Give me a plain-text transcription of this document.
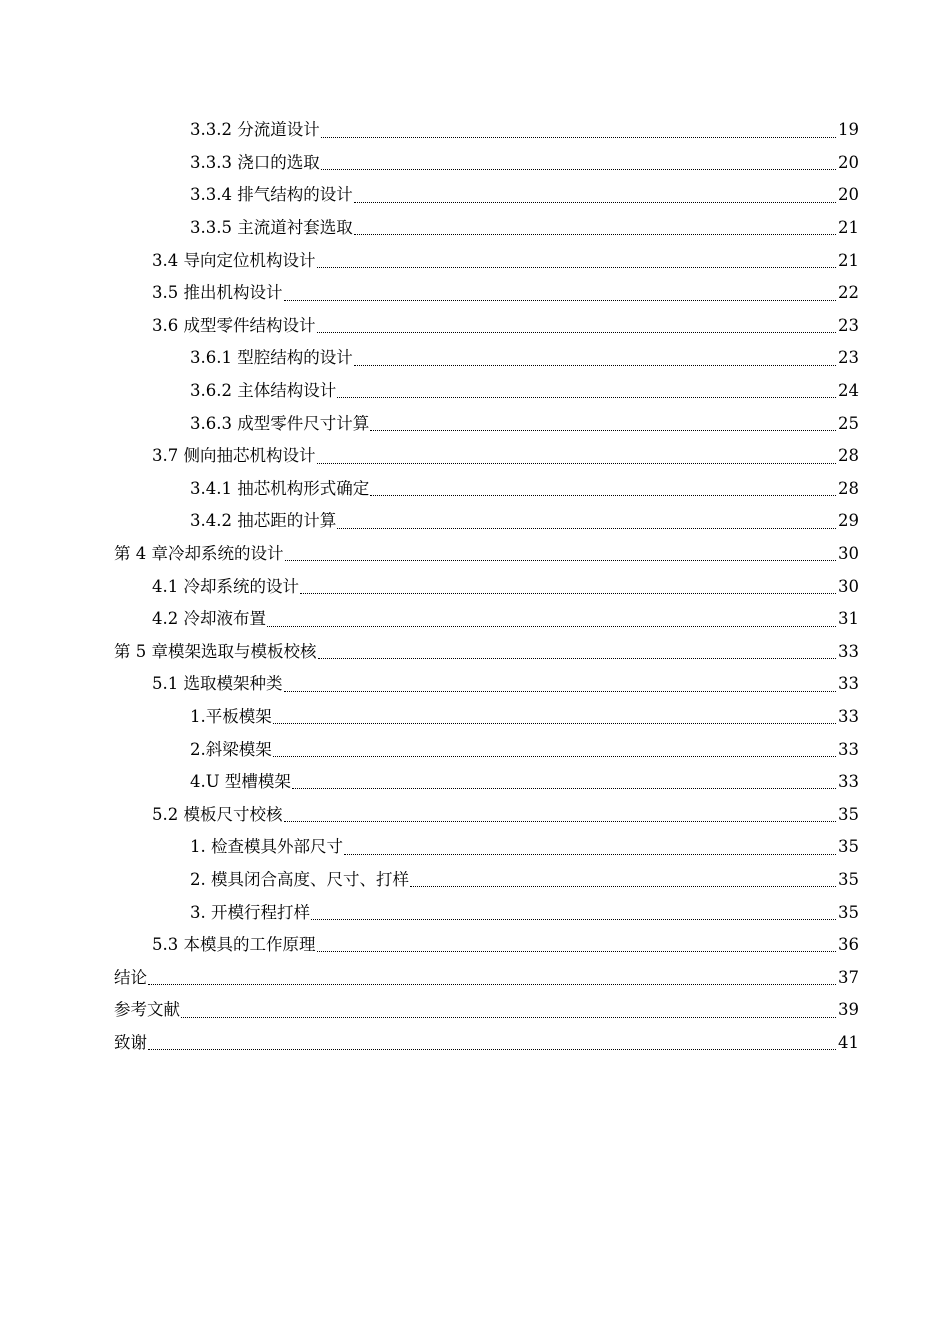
3.3.2 分流道设计	19
3.3.3 浇口的选取	20
3.3.4 排气结构的设计	20
3.3.5 主流道衬套选取	21
3.4 导向定位机构设计	21
3.5 推出机构设计	22
3.6 成型零件结构设计	23
3.6.1 型腔结构的设计	23
3.6.2 主体结构设计	24
3.6.3 成型零件尺寸计算	25
3.7 侧向抽芯机构设计	28
3.4.1 抽芯机构形式确定	28
3.4.2 抽芯距的计算	29
第 4 章冷却系统的设计	30
4.1 冷却系统的设计	30
4.2 冷却液布置	31
第 5 章模架选取与模板校核	33
5.1 选取模架种类	33
1.平板模架	33
2.斜梁模架	33
4.U 型槽模架	33
5.2 模板尺寸校核	35
1. 检查模具外部尺寸	35
2. 模具闭合高度、尺寸、打样	35
3. 开模行程打样	35
5.3 本模具的工作原理	36
结论	37
参考文献	39
致谢	41
